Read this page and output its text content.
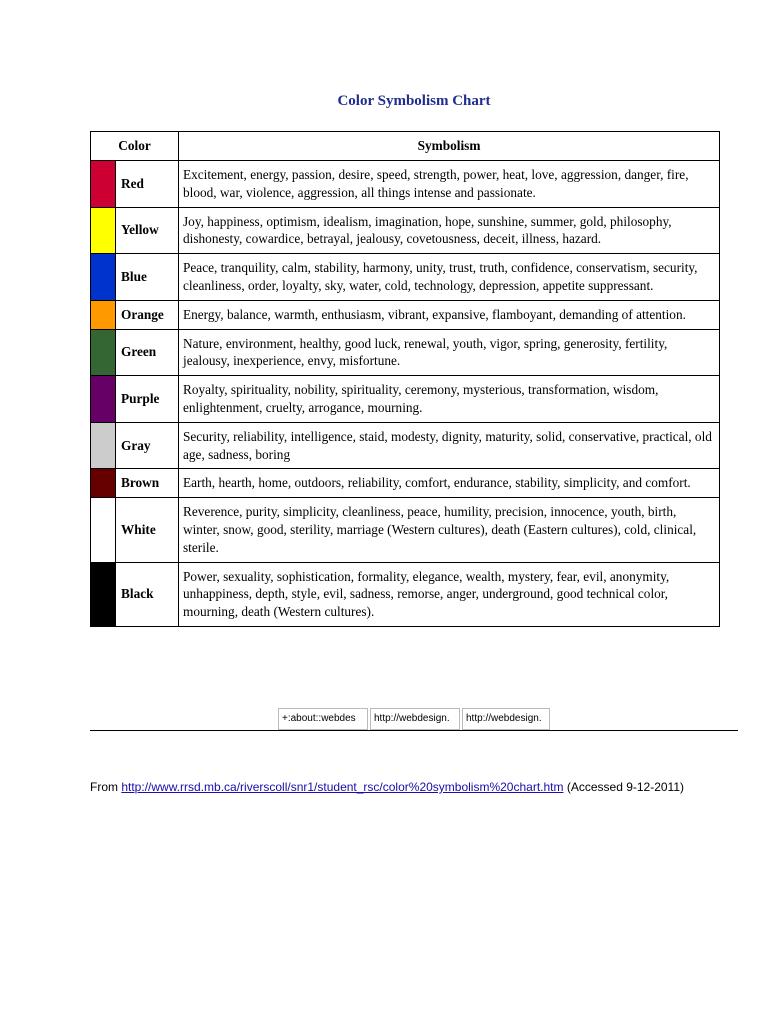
Color Symbolism Chart
Color		Symbolism
	Red	Excitement, energy, passion, desire, speed, strength, power, heat, love, aggression, danger, fire, blood, war, violence, aggression, all things intense and passionate.
	Yellow	Joy, happiness, optimism, idealism, imagination, hope, sunshine, summer, gold, philosophy, dishonesty, cowardice, betrayal, jealousy, covetousness, deceit, illness, hazard.
	Blue	Peace, tranquility, calm, stability, harmony, unity, trust, truth, confidence, conservatism, security, cleanliness, order, loyalty, sky, water, cold, technology, depression, appetite suppressant.
	Orange	Energy, balance, warmth, enthusiasm, vibrant, expansive, flamboyant, demanding of attention.
	Green	Nature, environment, healthy, good luck, renewal, youth, vigor, spring, generosity, fertility, jealousy, inexperience, envy, misfortune.
	Purple	Royalty, spirituality, nobility, spirituality, ceremony, mysterious, transformation, wisdom, enlightenment, cruelty, arrogance, mourning.
	Gray	Security, reliability, intelligence, staid, modesty, dignity, maturity, solid, conservative, practical, old age, sadness, boring
	Brown	Earth, hearth, home, outdoors, reliability, comfort, endurance, stability, simplicity, and comfort.
	White	Reverence, purity, simplicity, cleanliness, peace, humility, precision, innocence, youth, birth, winter, snow, good, sterility, marriage (Western cultures), death (Eastern cultures), cold, clinical, sterile.
	Black	Power, sexuality, sophistication, formality, elegance, wealth, mystery, fear, evil, anonymity, unhappiness, depth, style, evil, sadness, remorse, anger, underground, good technical color, mourning, death (Western cultures).
+:about::webdes	http://webdesign.	http://webdesign.
From http://www.rrsd.mb.ca/riverscoll/snr1/student_rsc/color%20symbolism%20chart.htm (Accessed 9-12-2011)
